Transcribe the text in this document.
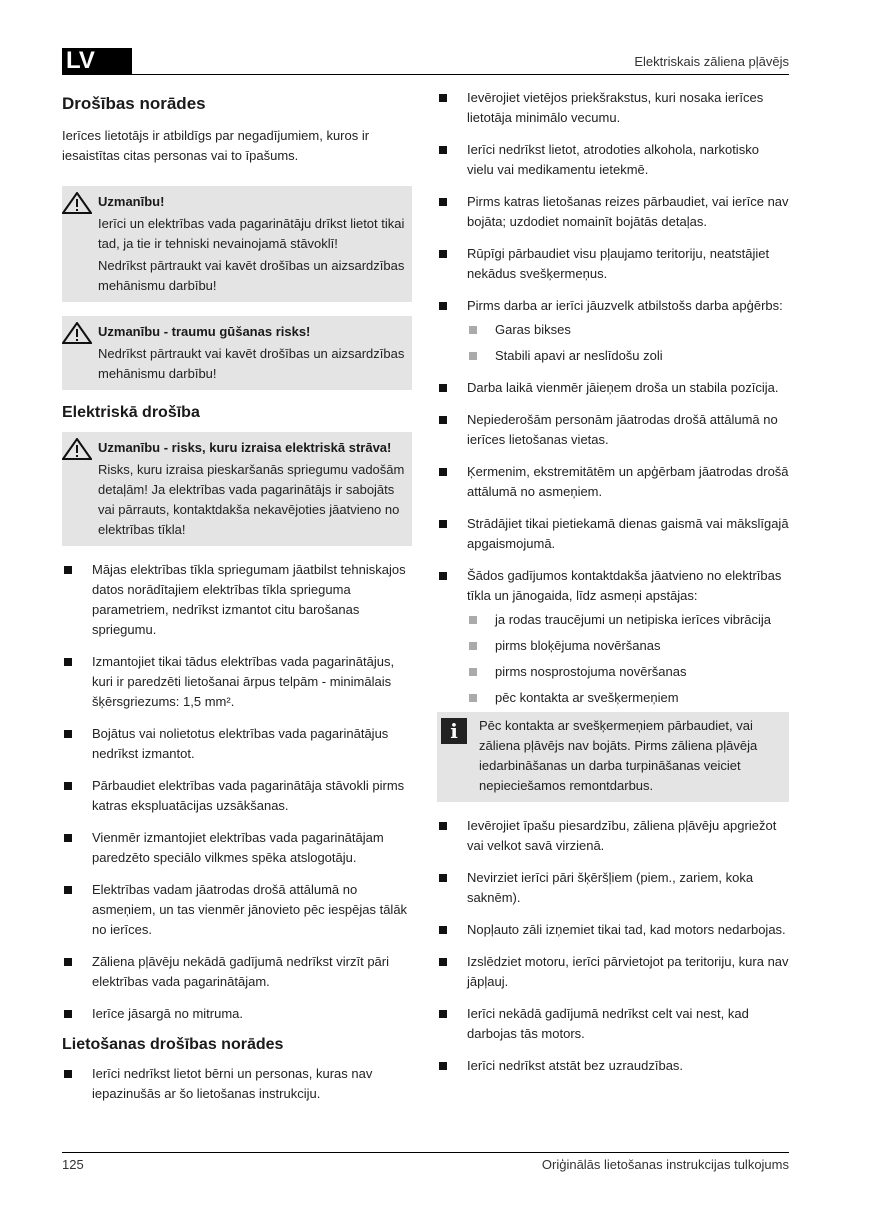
LV	Elektriskais zāliena pļāvējs
Drošības norādes

Ierīces lietotājs ir atbildīgs par negadījumiem, kuros ir iesaistītas citas personas vai to īpašums.

Uzmanību!

Ierīci un elektrības vada pagarinātāju drīkst lietot tikai tad, ja tie ir tehniski nevainojamā stāvoklī!

Nedrīkst pārtraukt vai kavēt drošības un aizsardzības mehānismu darbību!

Uzmanību - traumu gūšanas risks!

Nedrīkst pārtraukt vai kavēt drošības un aizsardzības mehānismu darbību!

Elektriskā drošība
Uzmanību - risks, kuru izraisa elektriskā strāva!

Risks, kuru izraisa pieskaršanās spriegumu vadošām detaļām! Ja elektrības vada pagarinātājs ir sabojāts vai pārrauts, kontaktdakša nekavējoties jāatvieno no elektrības tīkla!

Mājas elektrības tīkla spriegumam jāatbilst tehniskajos datos norādītajiem elektrības tīkla sprieguma parametriem, nedrīkst izmantot citu barošanas spriegumu.
Izmantojiet tikai tādus elektrības vada pagarinātājus, kuri ir paredzēti lietošanai ārpus telpām - minimālais šķērsgriezums: 1,5 mm².
Bojātus vai nolietotus elektrības vada pagarinātājus nedrīkst izmantot.
Pārbaudiet elektrības vada pagarinātāja stāvokli pirms katras ekspluatācijas uzsākšanas.
Vienmēr izmantojiet elektrības vada pagarinātājam paredzēto speciālo vilkmes spēka atslogotāju.
Elektrības vadam jāatrodas drošā attālumā no asmeņiem, un tas vienmēr jānovieto pēc iespējas tālāk no ierīces.
Zāliena pļāvēju nekādā gadījumā nedrīkst virzīt pāri elektrības vada pagarinātājam.
Ierīce jāsargā no mitruma.
Lietošanas drošības norādes
Ierīci nedrīkst lietot bērni un personas, kuras nav iepazinušās ar šo lietošanas instrukciju.
Ievērojiet vietējos priekšrakstus, kuri nosaka ierīces lietotāja minimālo vecumu.
Ierīci nedrīkst lietot, atrodoties alkohola, narkotisko vielu vai medikamentu ietekmē.
Pirms katras lietošanas reizes pārbaudiet, vai ierīce nav bojāta; uzdodiet nomainīt bojātās detaļas.
Rūpīgi pārbaudiet visu pļaujamo teritoriju, neatstājiet nekādus svešķermeņus.
Pirms darba ar ierīci jāuzvelk atbilstošs darba apģērbs:
Garas bikses
Stabili apavi ar neslīdošu zoli
Darba laikā vienmēr jāieņem droša un stabila pozīcija.
Nepiederošām personām jāatrodas drošā attālumā no ierīces lietošanas vietas.
Ķermenim, ekstremitātēm un apģērbam jāatrodas drošā attālumā no asmeņiem.
Strādājiet tikai pietiekamā dienas gaismā vai mākslīgajā apgaismojumā.
Šādos gadījumos kontaktdakša jāatvieno no elektrības tīkla un jānogaida, līdz asmeņi apstājas:
ja rodas traucējumi un netipiska ierīces vibrācija
pirms bloķējuma novēršanas
pirms nosprostojuma novēršanas
pēc kontakta ar svešķermeņiem
i	Pēc kontakta ar svešķermeņiem pārbaudiet, vai zāliena pļāvējs nav bojāts. Pirms zāliena pļāvēja iedarbināšanas un darba turpināšanas veiciet nepieciešamos remontdarbus.
Ievērojiet īpašu piesardzību, zāliena pļāvēju apgriežot vai velkot savā virzienā.
Nevirziet ierīci pāri šķēršļiem (piem., zariem, koka saknēm).
Nopļauto zāli izņemiet tikai tad, kad motors nedarbojas.
Izslēdziet motoru, ierīci pārvietojot pa teritoriju, kura nav jāpļauj.
Ierīci nekādā gadījumā nedrīkst celt vai nest, kad darbojas tās motors.
Ierīci nedrīkst atstāt bez uzraudzības.
125	Oriģinālās lietošanas instrukcijas tulkojums
